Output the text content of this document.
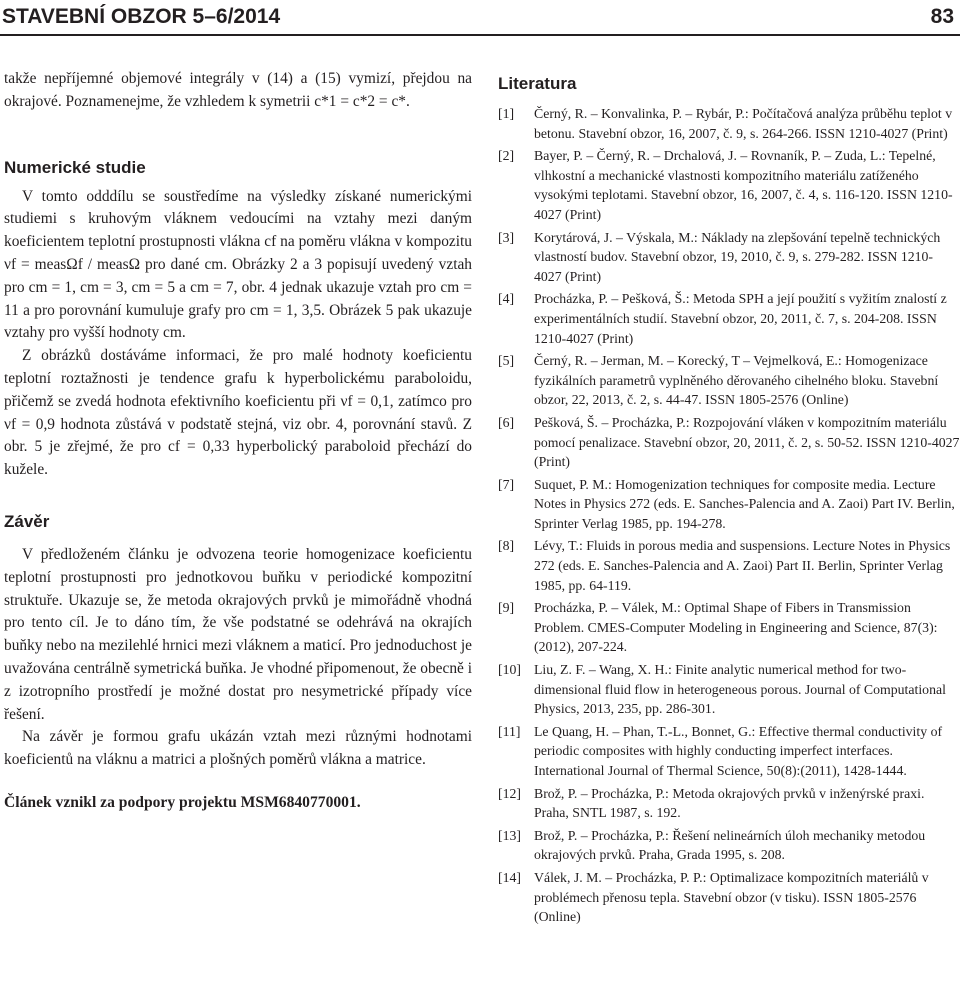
STAVEBNÍ OBZOR 5–6/2014	83

takže nepříjemné objemové integrály v (14) a (15) vymizí, přejdou na okrajové. Poznamenejme, že vzhledem k symetrii c*1 = c*2 = c*.

Numerické studie

V tomto odddílu se soustředíme na výsledky získané numerickými studiemi s kruhovým vláknem vedoucími na vztahy mezi daným koeficientem teplotní prostupnosti vlákna cf na poměru vlákna v kompozitu νf = measΩf / measΩ pro dané cm. Obrázky 2 a 3 popisují uvedený vztah pro cm = 1, cm = 3, cm = 5 a cm = 7, obr. 4 jednak ukazuje vztah pro cm = 11 a pro porovnání kumuluje grafy pro cm = 1, 3,5. Obrázek 5 pak ukazuje vztahy pro vyšší hodnoty cm.

Z obrázků dostáváme informaci, že pro malé hodnoty koeficientu teplotní roztažnosti je tendence grafu k hyperbolickému paraboloidu, přičemž se zvedá hodnota efektivního koeficientu při νf = 0,1, zatímco pro νf = 0,9 hodnota zůstává v podstatě stejná, viz obr. 4, porovnání stavů. Z obr. 5 je zřejmé, že pro cf = 0,33 hyperbolický paraboloid přechází do kužele.

Závěr

V předloženém článku je odvozena teorie homogenizace koeficientu teplotní prostupnosti pro jednotkovou buňku v periodické kompozitní struktuře. Ukazuje se, že metoda okrajových prvků je mimořádně vhodná pro tento cíl. Je to dáno tím, že vše podstatné se odehrává na okrajích buňky nebo na mezilehlé hrnici mezi vláknem a maticí. Pro jednoduchost je uvažována centrálně symetrická buňka. Je vhodné připomenout, že obecně i z izotropního prostředí je možné dostat pro nesymetrické případy více řešení.

Na závěr je formou grafu ukázán vztah mezi různými hodnotami koeficientů na vláknu a matrici a plošných poměrů vlákna a matrice.

Článek vznikl za podpory projektu MSM6840770001.

Literatura

[1] Černý, R. – Konvalinka, P. – Rybár, P.: Počítačová analýza průběhu teplot v betonu. Stavební obzor, 16, 2007, č. 9, s. 264-266. ISSN 1210-4027 (Print)

[2] Bayer, P. – Černý, R. – Drchalová, J. – Rovnaník, P. – Zuda, L.: Tepelné, vlhkostní a mechanické vlastnosti kompozitního materiálu zatíženého vysokými teplotami. Stavební obzor, 16, 2007, č. 4, s. 116-120. ISSN 1210-4027 (Print)

[3] Korytárová, J. – Výskala, M.: Náklady na zlepšování tepelně technických vlastností budov. Stavební obzor, 19, 2010, č. 9, s. 279-282. ISSN 1210-4027 (Print)

[4] Procházka, P. – Pešková, Š.: Metoda SPH a její použití s vyžitím znalostí z experimentálních studií. Stavební obzor, 20, 2011, č. 7, s. 204-208. ISSN 1210-4027 (Print)

[5] Černý, R. – Jerman, M. – Korecký, T – Vejmelková, E.: Homogenizace fyzikálních parametrů vyplněného děrovaného cihelného bloku. Stavební obzor, 22, 2013, č. 2, s. 44-47. ISSN 1805-2576 (Online)

[6] Pešková, Š. – Procházka, P.: Rozpojování vláken v kompozitním materiálu pomocí penalizace. Stavební obzor, 20, 2011, č. 2, s. 50-52. ISSN 1210-4027 (Print)

[7] Suquet, P. M.: Homogenization techniques for composite media. Lecture Notes in Physics 272 (eds. E. Sanches-Palencia and A. Zaoi) Part IV. Berlin, Sprinter Verlag 1985, pp. 194-278.

[8] Lévy, T.: Fluids in porous media and suspensions. Lecture Notes in Physics 272 (eds. E. Sanches-Palencia and A. Zaoi) Part II. Berlin, Sprinter Verlag 1985, pp. 64-119.

[9] Procházka, P. – Válek, M.: Optimal Shape of Fibers in Transmission Problem. CMES-Computer Modeling in Engineering and Science, 87(3):(2012), 207-224.

[10] Liu, Z. F. – Wang, X. H.: Finite analytic numerical method for two-dimensional fluid flow in heterogeneous porous. Journal of Computational Physics, 2013, 235, pp. 286-301.

[11] Le Quang, H. – Phan, T.-L., Bonnet, G.: Effective thermal conductivity of periodic composites with highly conducting imperfect interfaces. International Journal of Thermal Science, 50(8):(2011), 1428-1444.

[12] Brož, P. – Procházka, P.: Metoda okrajových prvků v inženýrské praxi. Praha, SNTL 1987, s. 192.

[13] Brož, P. – Procházka, P.: Řešení nelineárních úloh mechaniky metodou okrajových prvků. Praha, Grada 1995, s. 208.

[14] Válek, J. M. – Procházka, P. P.: Optimalizace kompozitních materiálů v problémech přenosu tepla. Stavební obzor (v tisku). ISSN 1805-2576 (Online)
